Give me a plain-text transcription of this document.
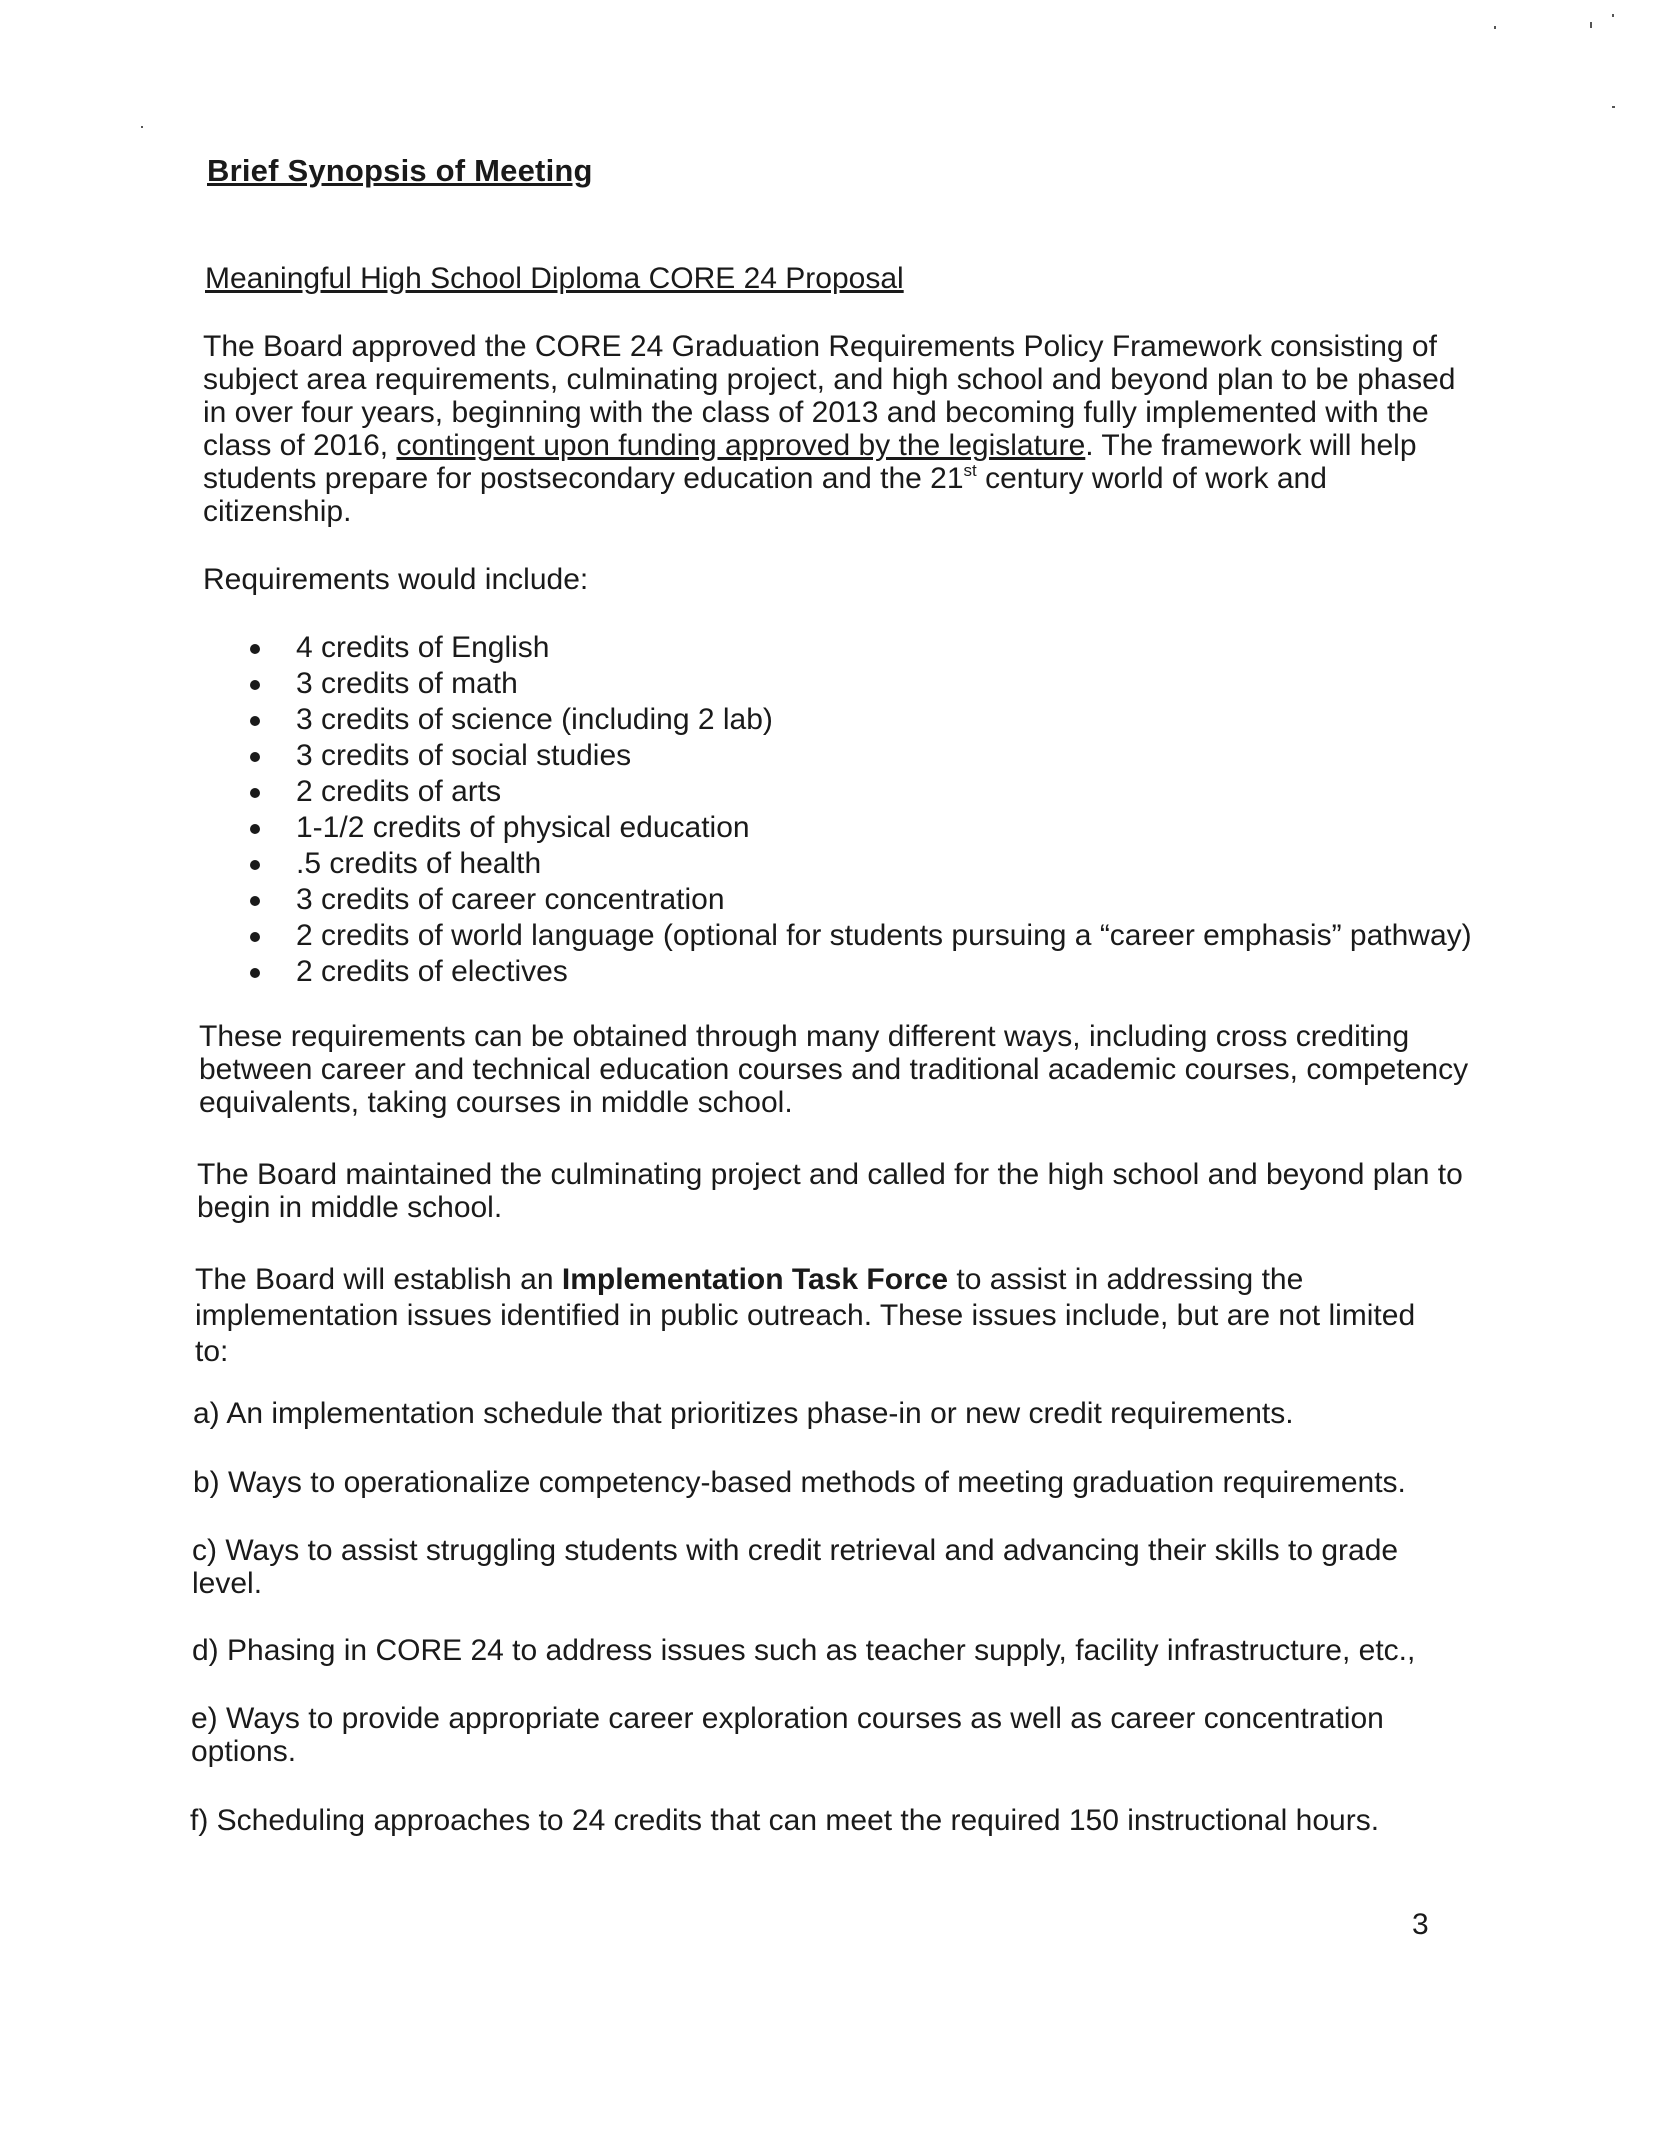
Brief Synopsis of Meeting
Meaningful High School Diploma CORE 24 Proposal

The Board approved the CORE 24 Graduation Requirements Policy Framework consisting of subject area requirements, culminating project, and high school and beyond plan to be phased in over four years, beginning with the class of 2013 and becoming fully implemented with the class of 2016, contingent upon funding approved by the legislature. The framework will help students prepare for postsecondary education and the 21st century world of work and citizenship.

Requirements would include:

4 credits of English
3 credits of math
3 credits of science (including 2 lab)
3 credits of social studies
2 credits of arts
1-1/2 credits of physical education
.5 credits of health
3 credits of career concentration
2 credits of world language (optional for students pursuing a “career emphasis” pathway)
2 credits of electives

These requirements can be obtained through many different ways, including cross crediting between career and technical education courses and traditional academic courses, competency equivalents, taking courses in middle school.

The Board maintained the culminating project and called for the high school and beyond plan to begin in middle school.

The Board will establish an Implementation Task Force to assist in addressing the implementation issues identified in public outreach. These issues include, but are not limited to:

a) An implementation schedule that prioritizes phase-in or new credit requirements.

b) Ways to operationalize competency-based methods of meeting graduation requirements.

c) Ways to assist struggling students with credit retrieval and advancing their skills to grade level.

d) Phasing in CORE 24 to address issues such as teacher supply, facility infrastructure, etc.,

e) Ways to provide appropriate career exploration courses as well as career concentration options.

f) Scheduling approaches to 24 credits that can meet the required 150 instructional hours.

3
